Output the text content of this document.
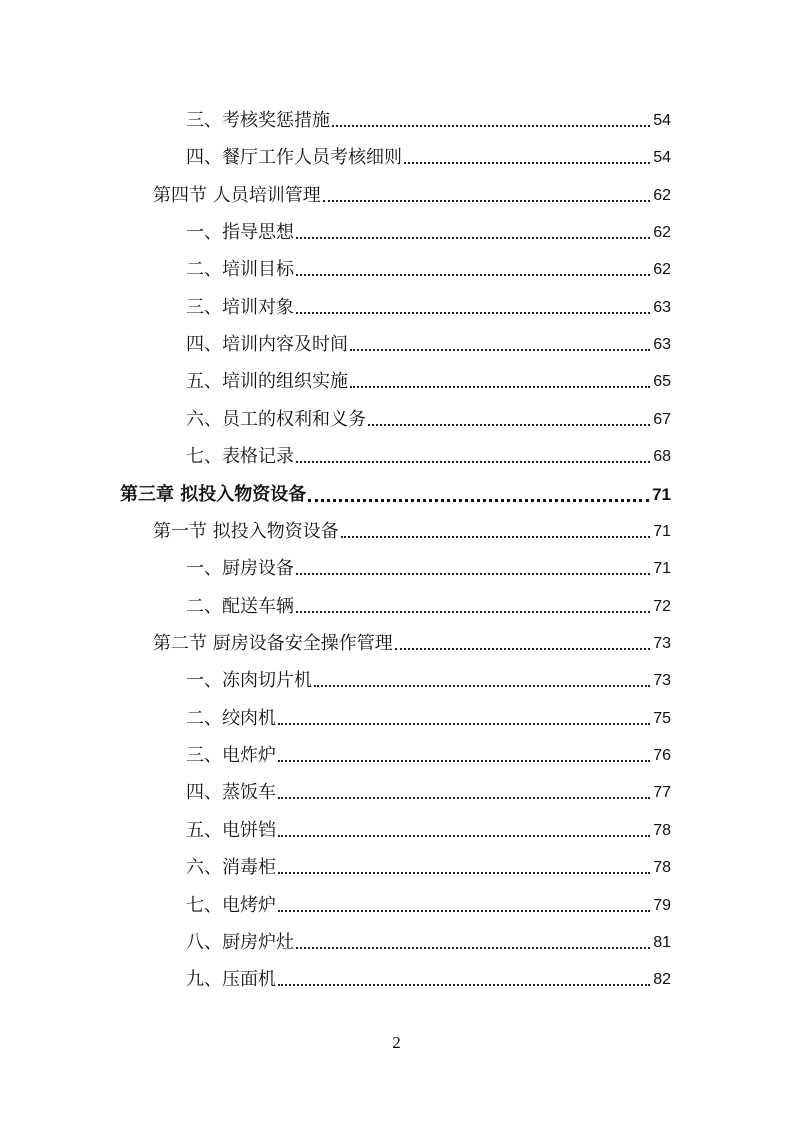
三、考核奖惩措施	54
四、餐厅工作人员考核细则	54
第四节 人员培训管理	62
一、指导思想	62
二、培训目标	62
三、培训对象	63
四、培训内容及时间	63
五、培训的组织实施	65
六、员工的权利和义务	67
七、表格记录	68
第三章 拟投入物资设备	71
第一节 拟投入物资设备	71
一、厨房设备	71
二、配送车辆	72
第二节 厨房设备安全操作管理	73
一、冻肉切片机	73
二、绞肉机	75
三、电炸炉	76
四、蒸饭车	77
五、电饼铛	78
六、消毒柜	78
七、电烤炉	79
八、厨房炉灶	81
九、压面机	82
2
